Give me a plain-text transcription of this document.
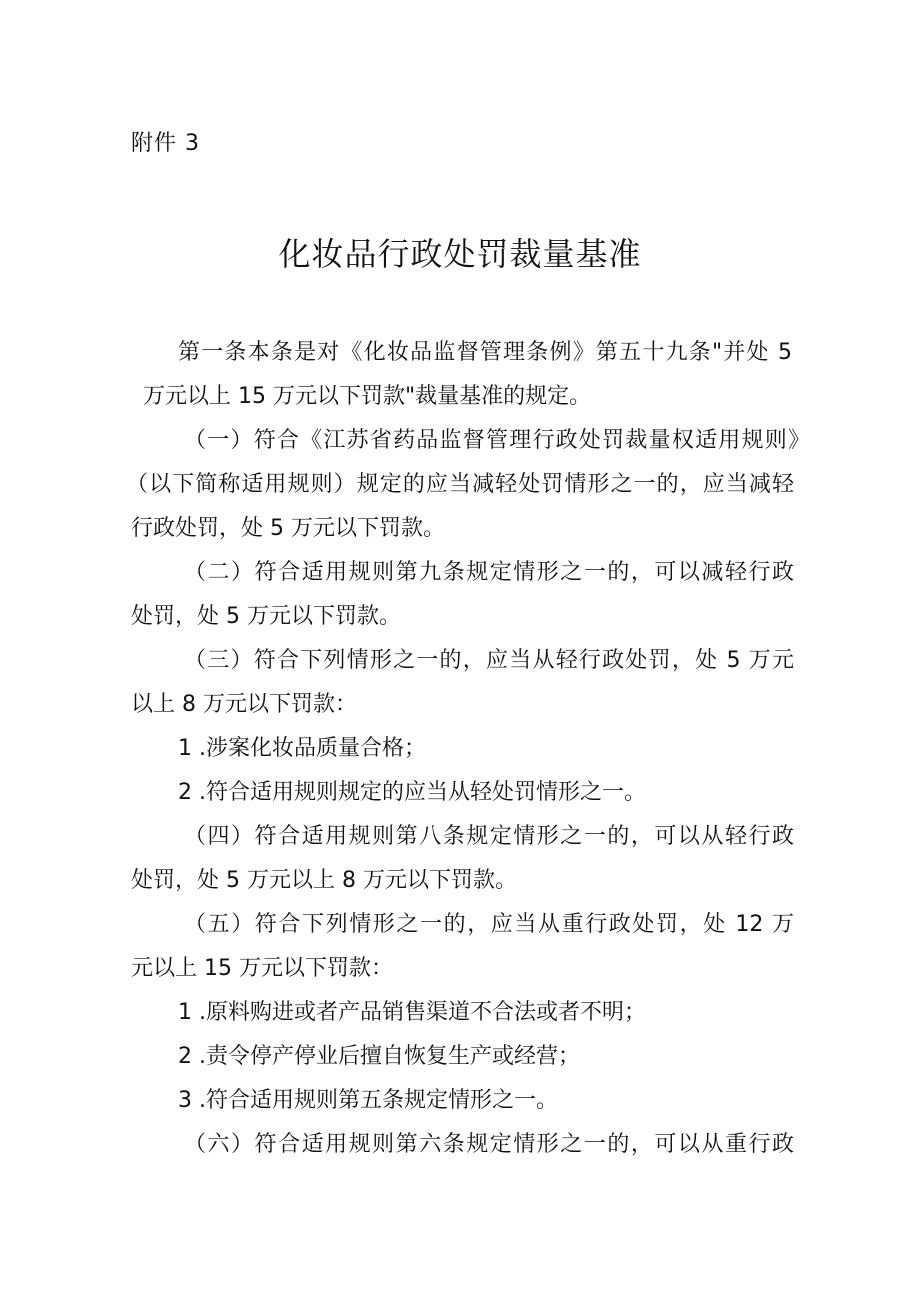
附件 3
化妆品行政处罚裁量基准
第一条本条是对《化妆品监督管理条例》第五十九条"并处 5
万元以上 15 万元以下罚款"裁量基准的规定。
（一）符合《江苏省药品监督管理行政处罚裁量权适用规则》
（以下简称适用规则）规定的应当减轻处罚情形之一的，应当减轻
行政处罚，处 5 万元以下罚款。
（二）符合适用规则第九条规定情形之一的，可以减轻行政
处罚，处 5 万元以下罚款。
（三）符合下列情形之一的，应当从轻行政处罚，处 5 万元
以上 8 万元以下罚款：
1 .涉案化妆品质量合格；
2 .符合适用规则规定的应当从轻处罚情形之一。
（四）符合适用规则第八条规定情形之一的，可以从轻行政
处罚，处 5 万元以上 8 万元以下罚款。
（五）符合下列情形之一的，应当从重行政处罚，处 12 万
元以上 15 万元以下罚款：
1 .原料购进或者产品销售渠道不合法或者不明；
2 .责令停产停业后擅自恢复生产或经营；
3 .符合适用规则第五条规定情形之一。
（六）符合适用规则第六条规定情形之一的，可以从重行政
